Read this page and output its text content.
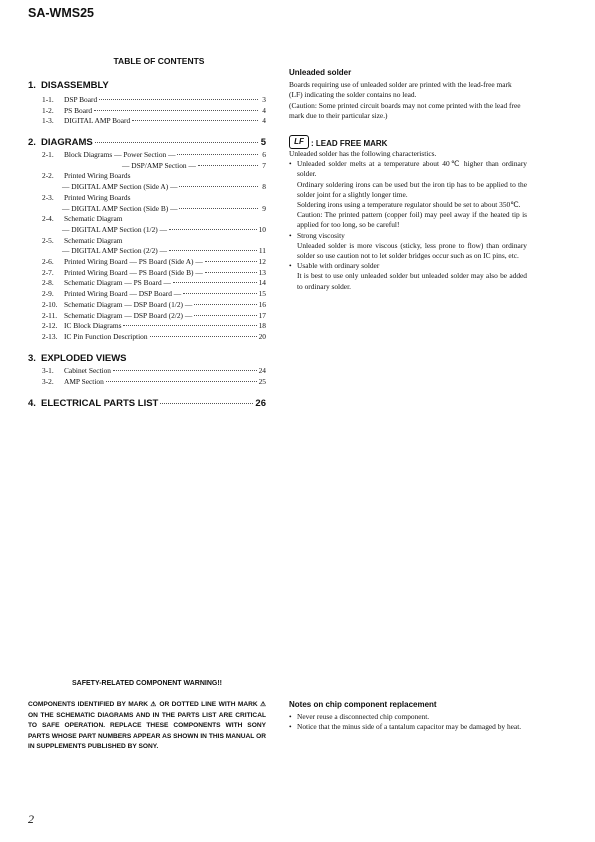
SA-WMS25
TABLE OF CONTENTS
1. DISASSEMBLY
1-1.	DSP Board	3
1-2.	PS Board	4
1-3.	DIGITAL AMP Board	4
2. DIAGRAMS	5
2-1.	Block Diagrams — Power Section —	6
— DSP/AMP Section —	7
2-2.	Printed Wiring Boards
— DIGITAL AMP Section (Side A) —	8
2-3.	Printed Wiring Boards
— DIGITAL AMP Section (Side B) —	9
2-4.	Schematic Diagram
— DIGITAL AMP Section (1/2) —	10
2-5.	Schematic Diagram
— DIGITAL AMP Section (2/2) —	11
2-6.	Printed Wiring Board — PS Board (Side A) —	12
2-7.	Printed Wiring Board — PS Board (Side B) —	13
2-8.	Schematic Diagram — PS Board —	14
2-9.	Printed Wiring Board — DSP Board —	15
2-10. Schematic Diagram — DSP Board (1/2) —	16
2-11. Schematic Diagram — DSP Board (2/2) —	17
2-12. IC Block Diagrams	18
2-13. IC Pin Function Description	20
3. EXPLODED VIEWS
3-1.	Cabinet Section	24
3-2.	AMP Section	25
4. ELECTRICAL PARTS LIST	26
Unleaded solder

Boards requiring use of unleaded solder are printed with the lead-free mark (LF) indicating the solder contains no lead.

(Caution: Some printed circuit boards may not come printed with the lead free mark due to their particular size.)

LF : LEAD FREE MARK

Unleaded solder has the following characteristics.

• Unleaded solder melts at a temperature about 40℃ higher than ordinary solder.
Ordinary soldering irons can be used but the iron tip has to be applied to the solder joint for a slightly longer time.
Soldering irons using a temperature regulator should be set to about 350℃.
Caution: The printed pattern (copper foil) may peel away if the heated tip is applied for too long, so be careful!
• Strong viscosity
Unleaded solder is more viscous (sticky, less prone to flow) than ordinary solder so use caution not to let solder bridges occur such as on IC pins, etc.
• Usable with ordinary solder
It is best to use only unleaded solder but unleaded solder may also be added to ordinary solder.
SAFETY-RELATED COMPONENT WARNING!!
COMPONENTS IDENTIFIED BY MARK ⚠ OR DOTTED LINE WITH MARK ⚠ ON THE SCHEMATIC DIAGRAMS AND IN THE PARTS LIST ARE CRITICAL TO SAFE OPERATION. REPLACE THESE COMPONENTS WITH SONY PARTS WHOSE PART NUMBERS APPEAR AS SHOWN IN THIS MANUAL OR IN SUPPLEMENTS PUBLISHED BY SONY.
Notes on chip component replacement
• Never reuse a disconnected chip component.
• Notice that the minus side of a tantalum capacitor may be damaged by heat.
2
